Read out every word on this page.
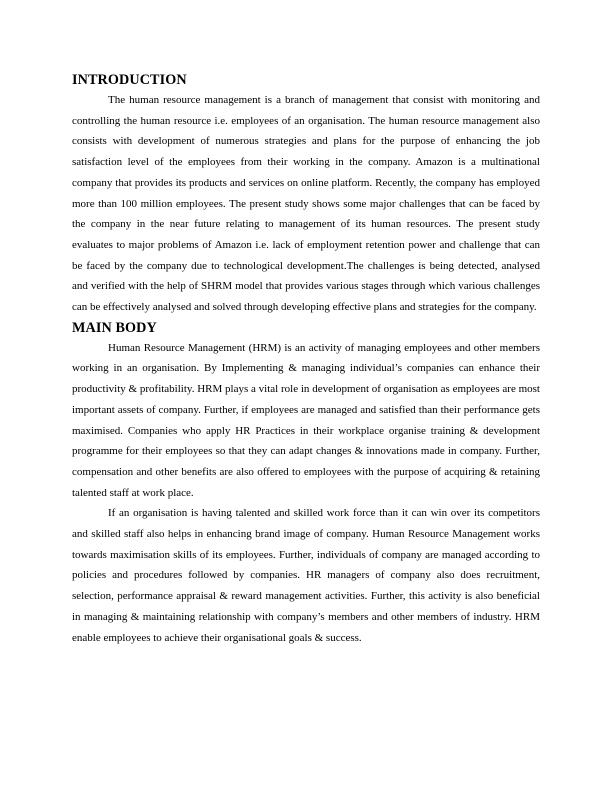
INTRODUCTION

The human resource management is a branch of management that consist with monitoring and controlling the human resource i.e. employees of an organisation. The human resource management also consists with development of numerous strategies and plans for the purpose of enhancing the job satisfaction level of the employees from their working in the company. Amazon is a multinational company that provides its products and services on online platform. Recently, the company has employed more than 100 million employees. The present study shows some major challenges that can be faced by the company in the near future relating to management of its human resources. The present study evaluates to major problems of Amazon i.e. lack of employment retention power and challenge that can be faced by the company due to technological development.The challenges is being detected, analysed and verified with the help of SHRM model that provides various stages through which various challenges can be effectively analysed and solved through developing effective plans and strategies for the company.

MAIN BODY

Human Resource Management (HRM) is an activity of managing employees and other members working in an organisation. By Implementing & managing individual’s companies can enhance their productivity & profitability. HRM plays a vital role in development of organisation as employees are most important assets of company. Further, if employees are managed and satisfied than their performance gets maximised. Companies who apply HR Practices in their workplace organise training & development programme for their employees so that they can adapt changes & innovations made in company. Further, compensation and other benefits are also offered to employees with the purpose of acquiring & retaining talented staff at work place.

If an organisation is having talented and skilled work force than it can win over its competitors and skilled staff also helps in enhancing brand image of company. Human Resource Management works towards maximisation skills of its employees. Further, individuals of company are managed according to policies and procedures followed by companies. HR managers of company also does recruitment, selection, performance appraisal & reward management activities. Further, this activity is also beneficial in managing & maintaining relationship with company’s members and other members of industry. HRM enable employees to achieve their organisational goals & success.
